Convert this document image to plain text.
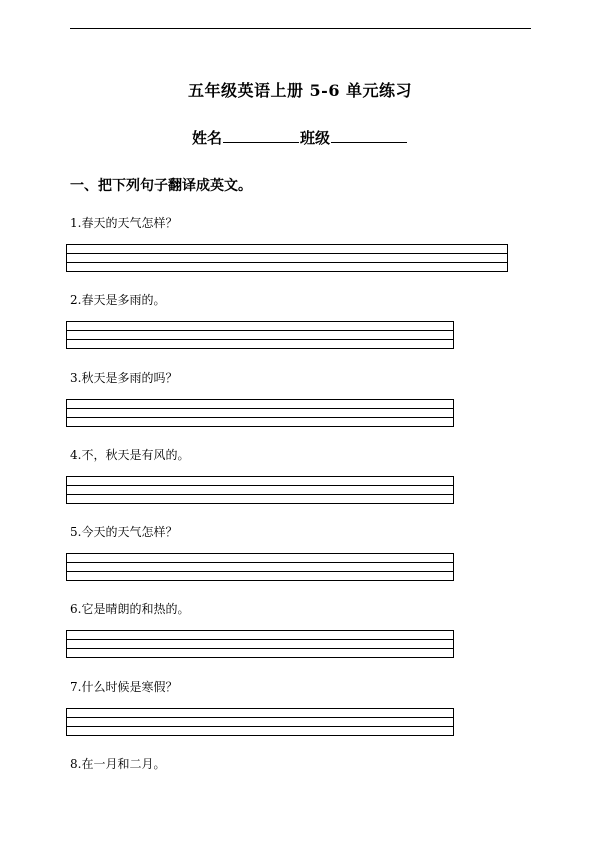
五年级英语上册 5-6 单元练习
姓名	班级
一、把下列句子翻译成英文。
1.春天的天气怎样？
2.春天是多雨的。
3.秋天是多雨的吗？
4.不，秋天是有风的。
5.今天的天气怎样？
6.它是晴朗的和热的。
7.什么时候是寒假？
8.在一月和二月。
